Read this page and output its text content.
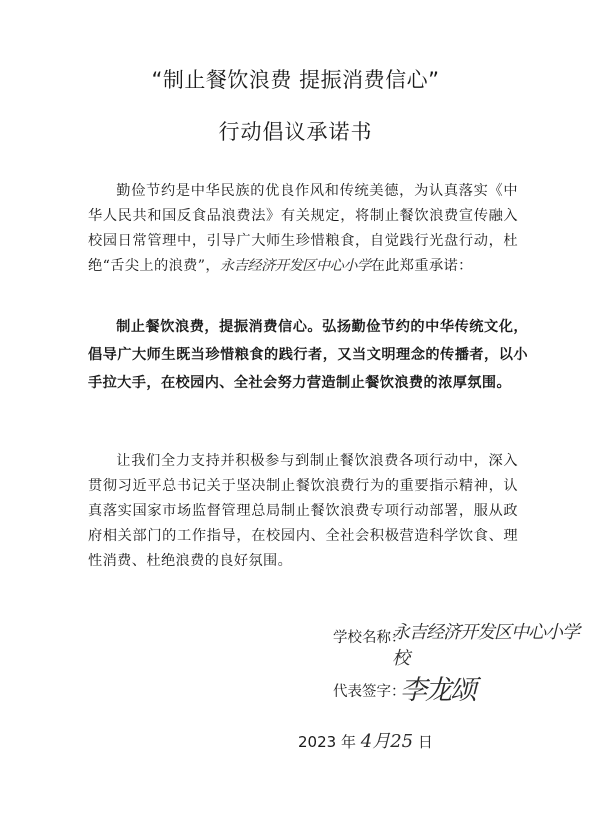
“制止餐饮浪费 提振消费信心”
行动倡议承诺书

勤俭节约是中华民族的优良作风和传统美德，为认真落实《中华人民共和国反食品浪费法》有关规定，将制止餐饮浪费宣传融入校园日常管理中，引导广大师生珍惜粮食，自觉践行光盘行动，杜绝“舌尖上的浪费”，永吉经济开发区中心小学在此郑重承诺：

制止餐饮浪费，提振消费信心。弘扬勤俭节约的中华传统文化，倡导广大师生既当珍惜粮食的践行者，又当文明理念的传播者，以小手拉大手，在校园内、全社会努力营造制止餐饮浪费的浓厚氛围。

让我们全力支持并积极参与到制止餐饮浪费各项行动中，深入贯彻习近平总书记关于坚决制止餐饮浪费行为的重要指示精神，认真落实国家市场监督管理总局制止餐饮浪费专项行动部署，服从政府相关部门的工作指导，在校园内、全社会积极营造科学饮食、理性消费、杜绝浪费的良好氛围。

学校名称：
永吉经济开发区中心小学校
代表签字：
李龙颂
2023 年 4月25 日
